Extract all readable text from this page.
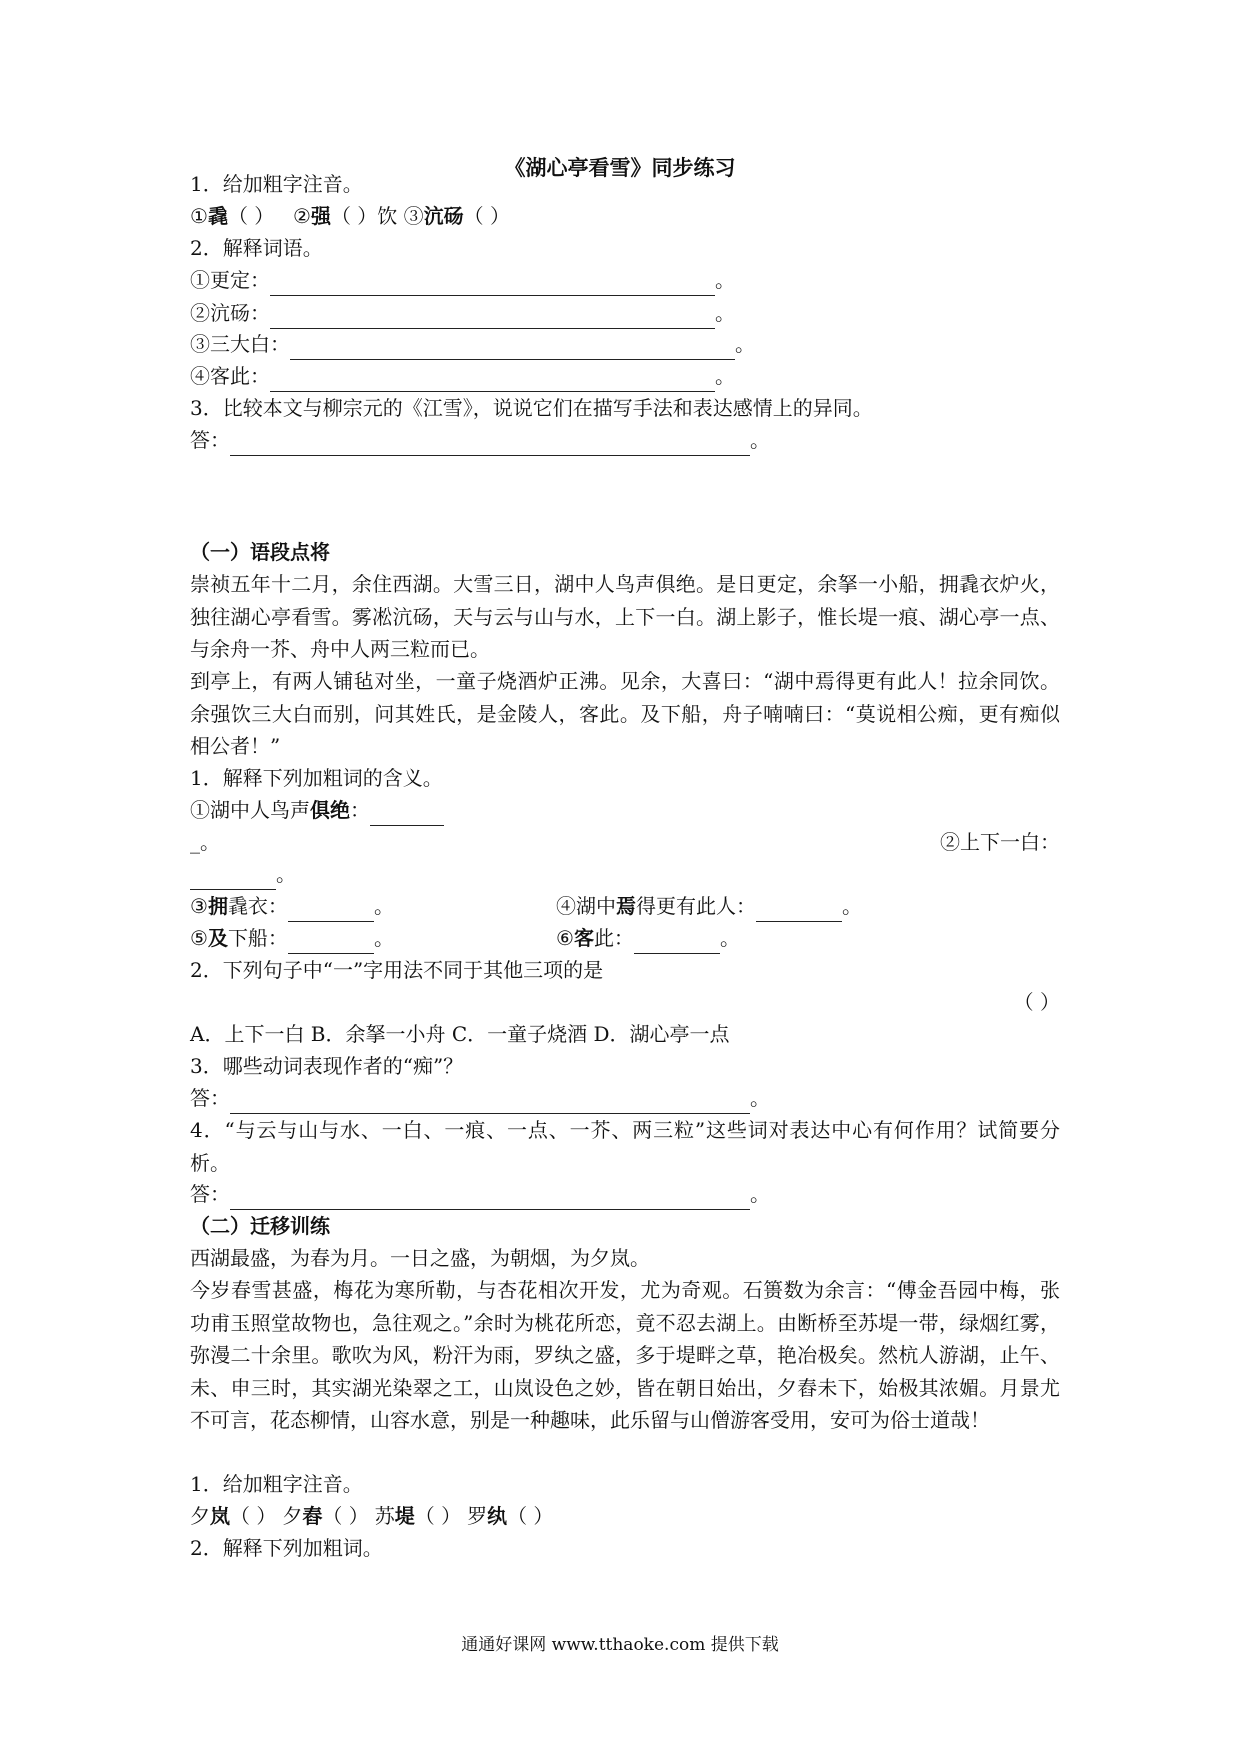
《湖心亭看雪》同步练习
1．给加粗字注音。
①毳（ ） ②强（ ）饮 ③沆砀（ ）
2．解释词语。
①更定：	。
②沆砀：	。
③三大白：	。
④客此：	。
3．比较本文与柳宗元的《江雪》，说说它们在描写手法和表达感情上的异同。
答：	。
（一）语段点将
崇祯五年十二月，余住西湖。大雪三日，湖中人鸟声俱绝。是日更定，余拏一小船，拥毳衣炉火，独往湖心亭看雪。雾凇沆砀，天与云与山与水，上下一白。湖上影子，惟长堤一痕、湖心亭一点、与余舟一芥、舟中人两三粒而已。
到亭上，有两人铺毡对坐，一童子烧酒炉正沸。见余，大喜曰：“湖中焉得更有此人！拉余同饮。余强饮三大白而别，问其姓氏，是金陵人，客此。及下船，舟子喃喃曰：“莫说相公痴，更有痴似相公者！”
1．解释下列加粗词的含义。
①湖中人鸟声俱绝：
_。	②上下一白：
。
③拥毳衣：	。	④湖中焉得更有此人：	。
⑤及下船：	。	⑥客此：	。
2．下列句子中“一”字用法不同于其他三项的是
（ ）
A．上下一白 B．余拏一小舟 C．一童子烧酒 D．湖心亭一点
3．哪些动词表现作者的“痴”？
答：	。
4．“与云与山与水、一白、一痕、一点、一芥、两三粒”这些词对表达中心有何作用？试简要分析。
答：	。
（二）迁移训练
西湖最盛，为春为月。一日之盛，为朝烟，为夕岚。
今岁春雪甚盛，梅花为寒所勒，与杏花相次开发，尤为奇观。石篑数为余言：“傅金吾园中梅，张功甫玉照堂故物也，急往观之。”余时为桃花所恋，竟不忍去湖上。由断桥至苏堤一带，绿烟红雾，弥漫二十余里。歌吹为风，粉汗为雨，罗纨之盛，多于堤畔之草，艳冶极矣。然杭人游湖，止午、未、申三时，其实湖光染翠之工，山岚设色之妙，皆在朝日始出，夕舂未下，始极其浓媚。月景尤不可言，花态柳情，山容水意，别是一种趣味，此乐留与山僧游客受用，安可为俗士道哉！
1．给加粗字注音。
夕岚（ ） 夕舂（ ） 苏堤（ ） 罗纨（ ）
2．解释下列加粗词。
通通好课网 www.tthaoke.com 提供下载
